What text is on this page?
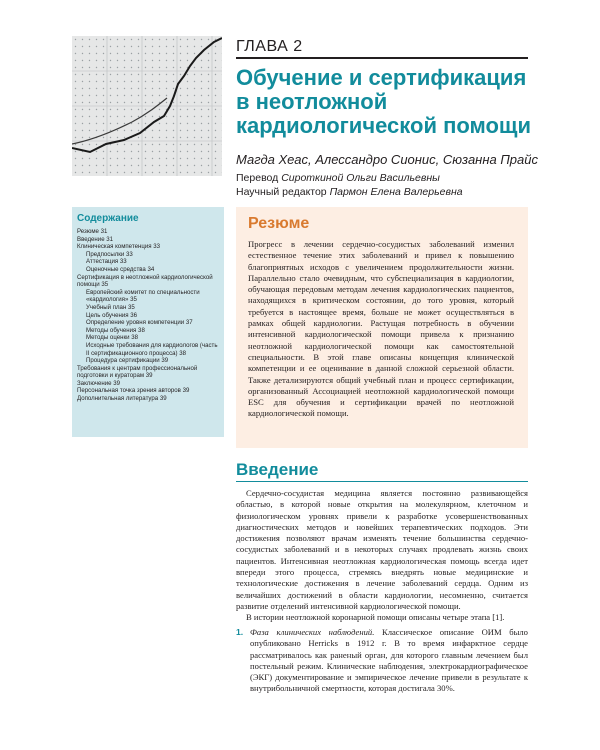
ГЛАВА 2
Обучение и сертификация в неотложной кардиологической помощи
Магда Хеас, Алессандро Сионис, Сюзанна Прайс
Перевод Сироткиной Ольги Васильевны
Научный редактор Пармон Елена Валерьевна
Содержание
Резюме 31
Введение 31
Клиническая компетенция 33
Предпосылки 33
Аттестация 33
Оценочные средства 34
Сертификация в неотложной кардиологической помощи 35
Европейский комитет по специальности «кардиология» 35
Учебный план 35
Цель обучения 36
Определение уровня компетенции 37
Методы обучения 38
Методы оценки 38
Исходные требования для кардиологов (часть II сертификационного процесса) 38
Процедура сертификации 39
Требования к центрам профессиональной подготовки и кураторам 39
Заключение 39
Персональная точка зрения авторов 39
Дополнительная литература 39
Резюме
Прогресс в лечении сердечно-сосудистых заболеваний изменил естественное течение этих заболеваний и привел к повышению благоприятных исходов с увеличением продолжительности жизни. Параллельно стало очевидным, что субспециализация в кардиологии, обучающая передовым методам лечения кардиологических пациентов, находящихся в критическом состоянии, до того уровня, который требуется в настоящее время, больше не может осуществляться в рамках общей кардиологии. Растущая потребность в обучении интенсивной кардиологической помощи привела к признанию неотложной кардиологической помощи как самостоятельной специальности. В этой главе описаны концепция клинической компетенции и ее оценивание в данной сложной серьезной области. Также детализируются общий учебный план и процесс сертификации, организованный Ассоциацией неотложной кардиологической помощи ESC для обучения и сертификации врачей по неотложной кардиологической помощи.
Введение

Сердечно-сосудистая медицина является постоянно развивающейся областью, в которой новые открытия на молекулярном, клеточном и физиологическом уровнях привели к разработке усовершенствованных диагностических методов и новейших терапевтических подходов. Эти достижения позволяют врачам изменять течение большинства сердечно-сосудистых заболеваний и в некоторых случаях продлевать жизнь своих пациентов. Интенсивная неотложная кардиологическая помощь всегда идет впереди этого процесса, стремясь внедрять новые медицинские и технологические достижения в лечение заболеваний сердца. Одним из величайших достижений в области кардиологии, несомненно, считается развитие отделений интенсивной кардиологической помощи.

В истории неотложной коронарной помощи описаны четыре этапа [1].

1. Фаза клинических наблюдений. Классическое описание ОИМ было опубликовано Herricks в 1912 г. В то время инфарктное сердце рассматривалось как раненый орган, для которого главным лечением был постельный режим. Клинические наблюдения, электрокардиографическое (ЭКГ) документирование и эмпирическое лечение привели в результате к внутрибольничной смертности, которая достигала 30%.
